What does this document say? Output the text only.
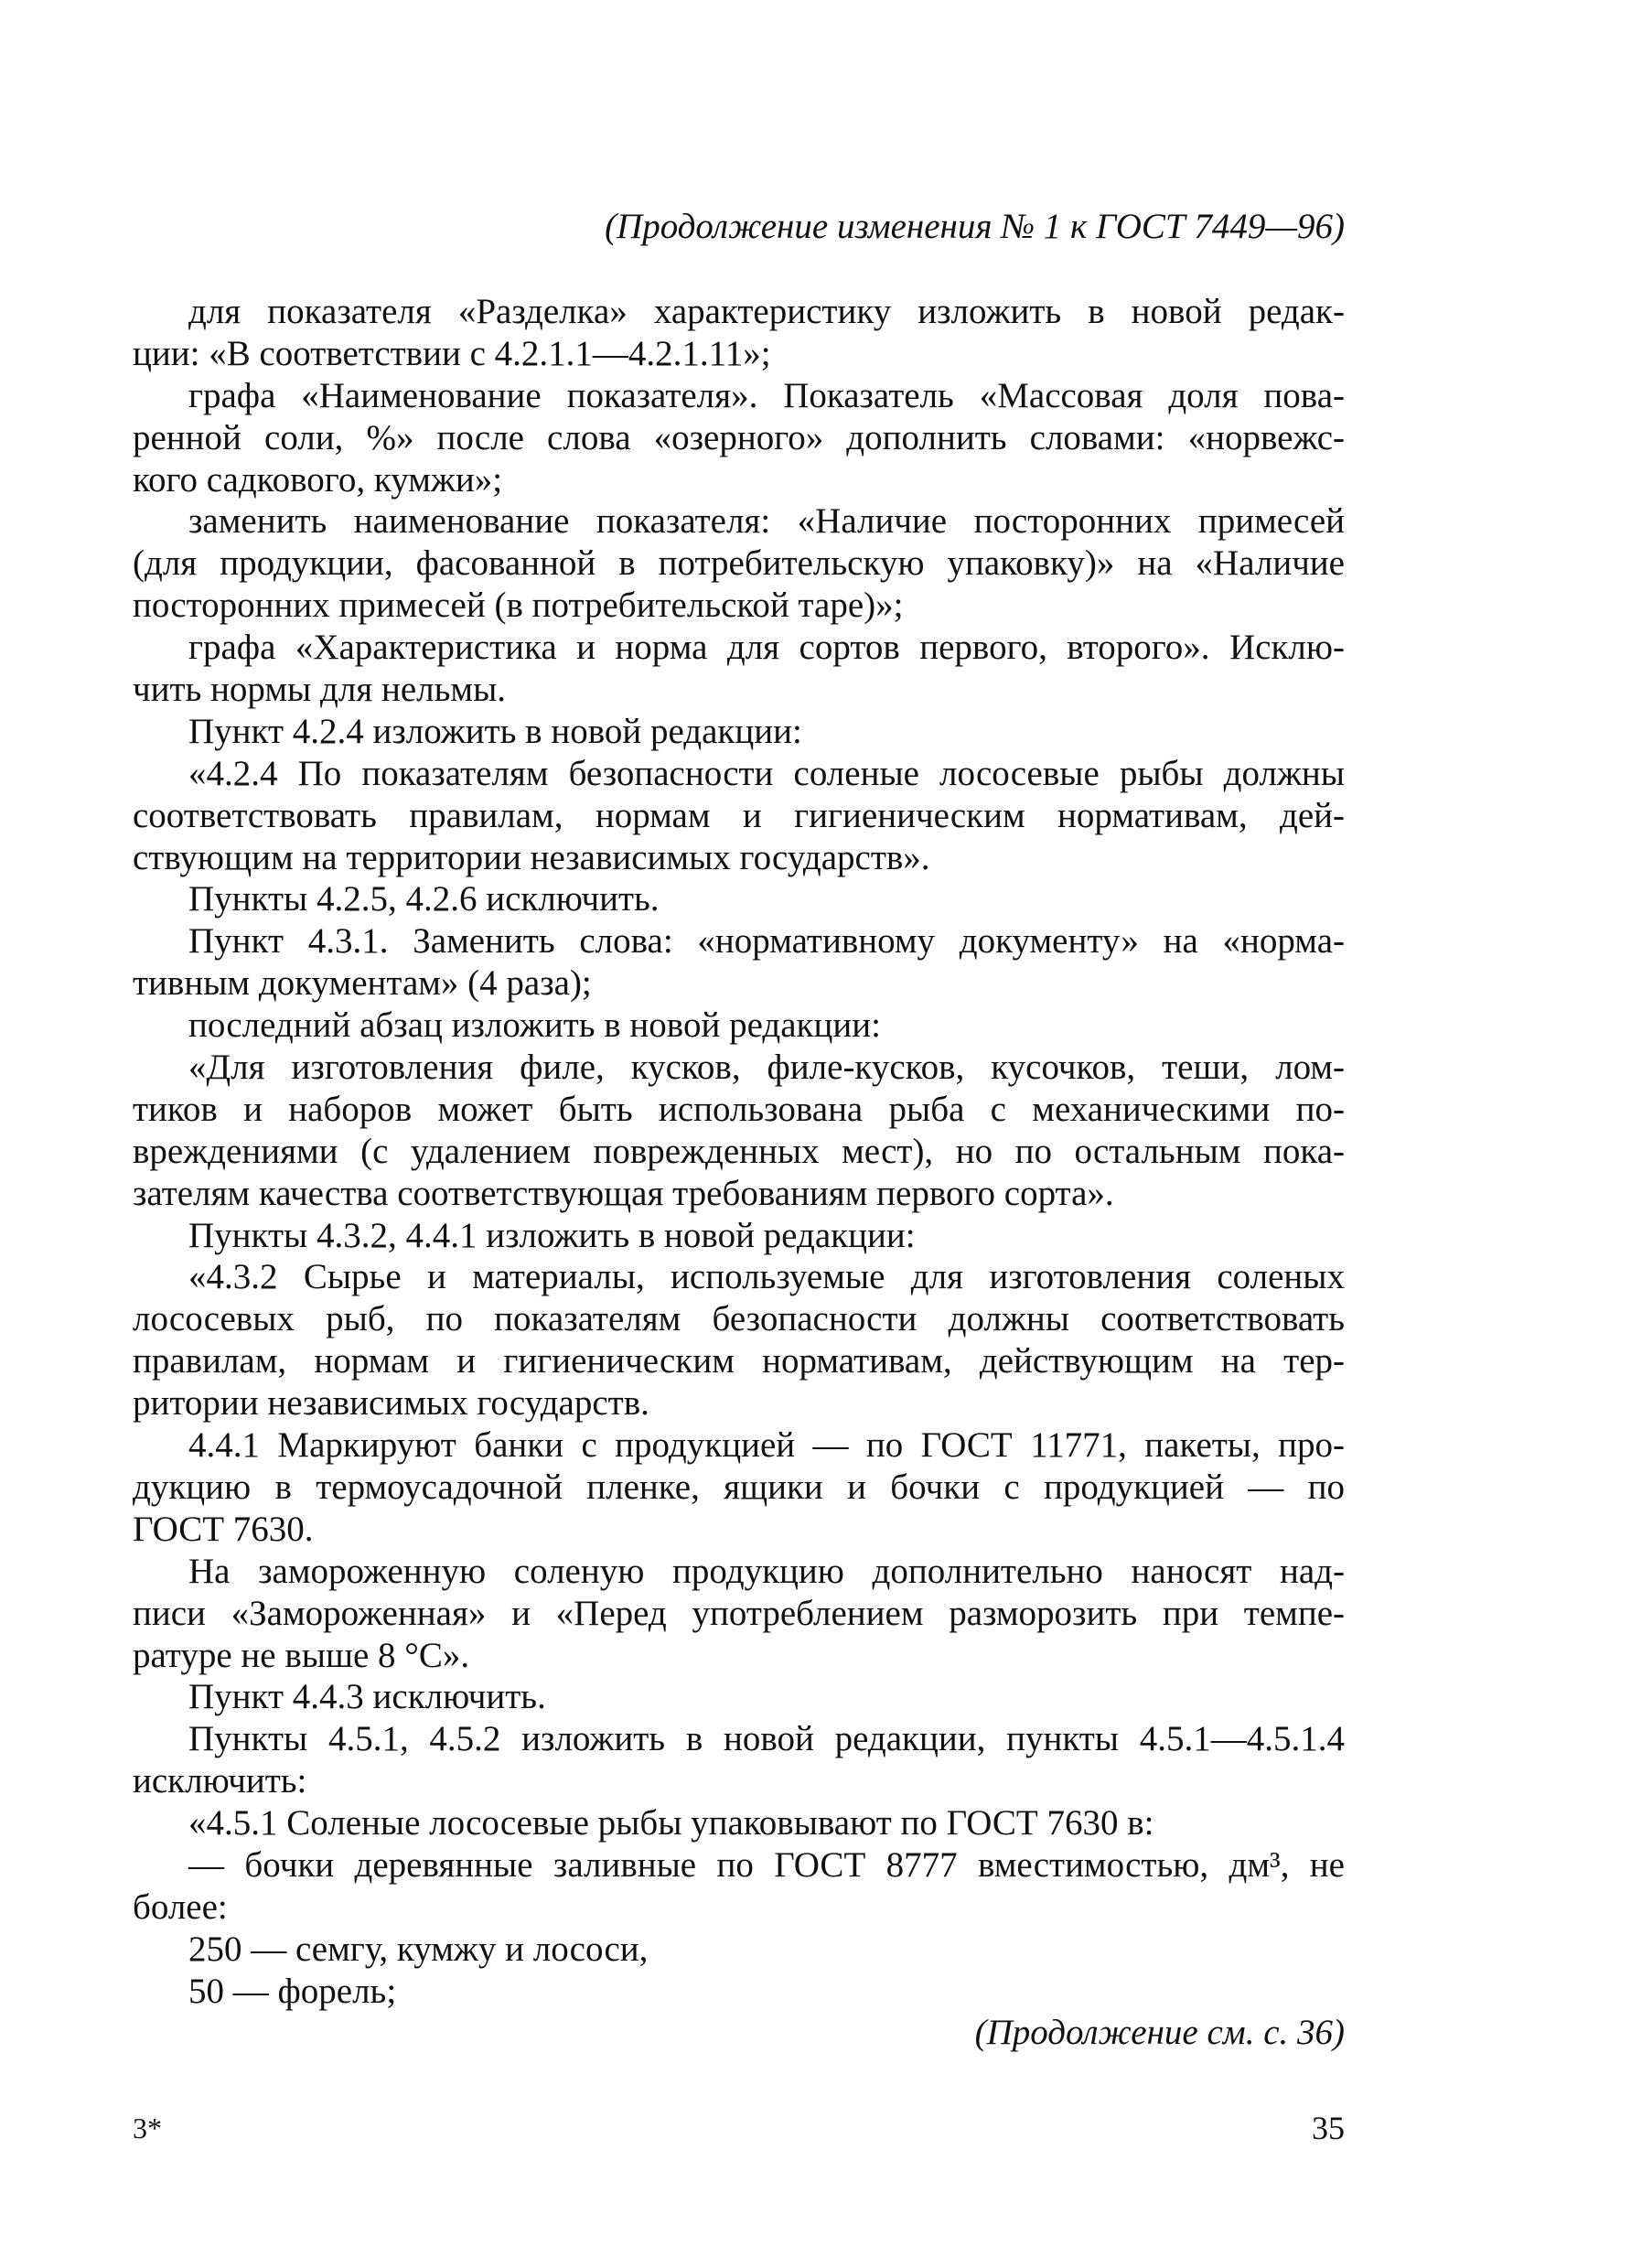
(Продолжение изменения № 1 к ГОСТ 7449—96)
для показателя «Разделка» характеристику изложить в новой редак-
ции: «В соответствии с 4.2.1.1—4.2.1.11»;
графа «Наименование показателя». Показатель «Массовая доля пова-
ренной соли, %» после слова «озерного» дополнить словами: «норвежс-
кого садкового, кумжи»;
заменить наименование показателя: «Наличие посторонних примесей
(для продукции, фасованной в потребительскую упаковку)» на «Наличие
посторонних примесей (в потребительской таре)»;
графа «Характеристика и норма для сортов первого, второго». Исклю-
чить нормы для нельмы.
Пункт 4.2.4 изложить в новой редакции:
«4.2.4 По показателям безопасности соленые лососевые рыбы должны
соответствовать правилам, нормам и гигиеническим нормативам, дей-
ствующим на территории независимых государств».
Пункты 4.2.5, 4.2.6 исключить.
Пункт 4.3.1. Заменить слова: «нормативному документу» на «норма-
тивным документам» (4 раза);
последний абзац изложить в новой редакции:
«Для изготовления филе, кусков, филе-кусков, кусочков, теши, лом-
тиков и наборов может быть использована рыба с механическими по-
вреждениями (с удалением поврежденных мест), но по остальным пока-
зателям качества соответствующая требованиям первого сорта».
Пункты 4.3.2, 4.4.1 изложить в новой редакции:
«4.3.2 Сырье и материалы, используемые для изготовления соленых
лососевых рыб, по показателям безопасности должны соответствовать
правилам, нормам и гигиеническим нормативам, действующим на тер-
ритории независимых государств.
4.4.1 Маркируют банки с продукцией — по ГОСТ 11771, пакеты, про-
дукцию в термоусадочной пленке, ящики и бочки с продукцией — по
ГОСТ 7630.
На замороженную соленую продукцию дополнительно наносят над-
писи «Замороженная» и «Перед употреблением разморозить при темпе-
ратуре не выше 8 °С».
Пункт 4.4.3 исключить.
Пункты 4.5.1, 4.5.2 изложить в новой редакции, пункты 4.5.1—4.5.1.4
исключить:
«4.5.1 Соленые лососевые рыбы упаковывают по ГОСТ 7630 в:
— бочки деревянные заливные по ГОСТ 8777 вместимостью, дм³, не
более:
250 — семгу, кумжу и лососи,
50 — форель;
(Продолжение см. с. 36)
3*	35
